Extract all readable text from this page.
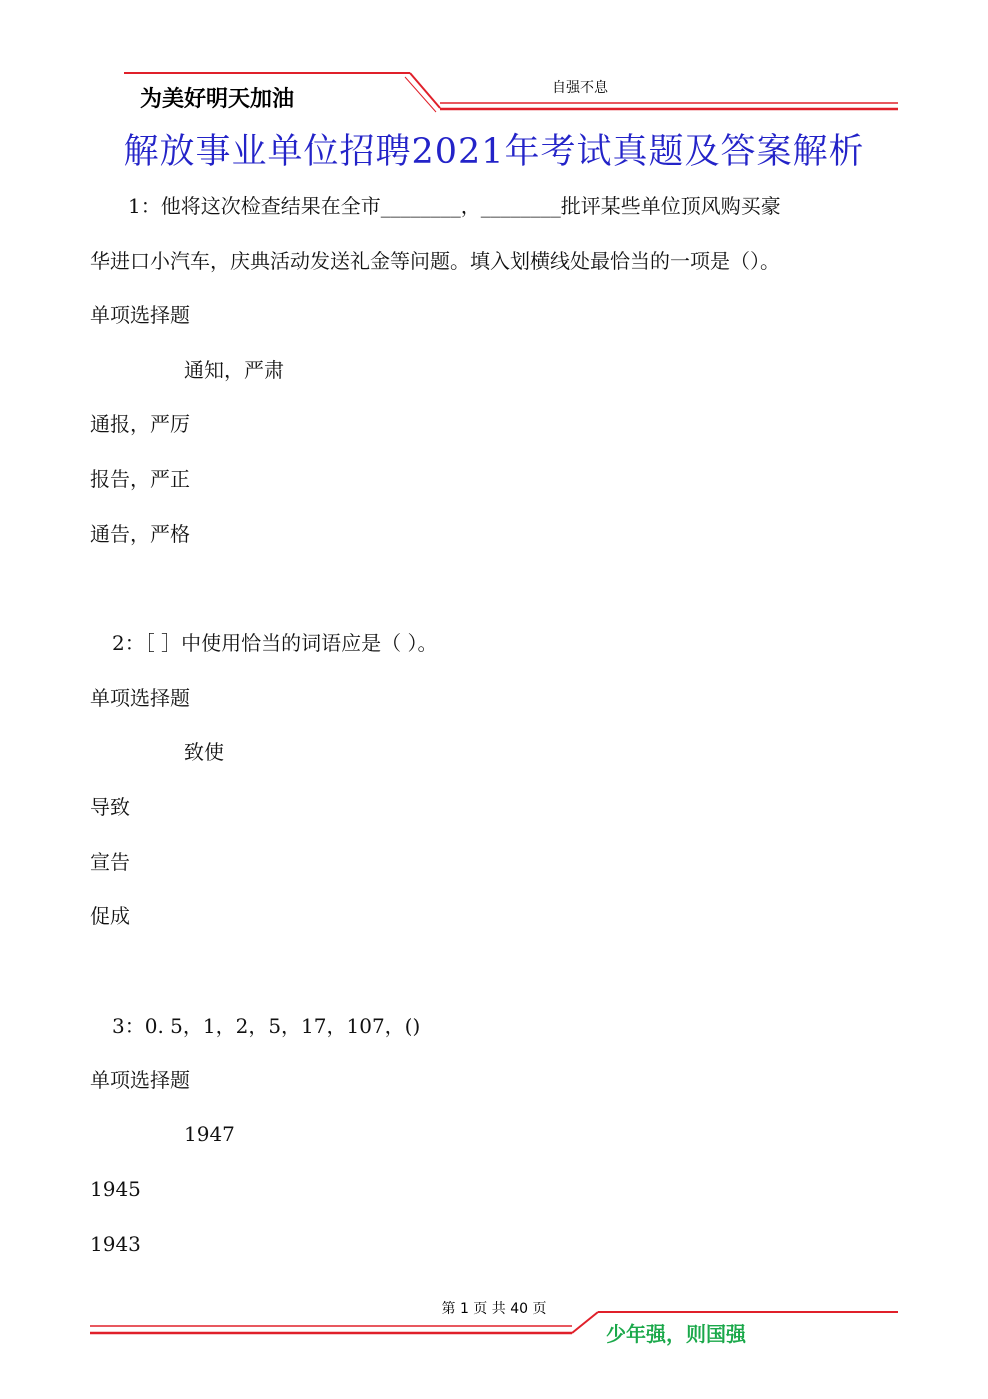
为美好明天加油	自强不息
解放事业单位招聘2021年考试真题及答案解析
1：他将这次检查结果在全市________，________批评某些单位顶风购买豪
华进口小汽车，庆典活动发送礼金等问题。填入划横线处最恰当的一项是（）。
单项选择题
通知，严肃
通报，严厉
报告，严正
通告，严格
2：［ ］中使用恰当的词语应是（ ）。
单项选择题
致使
导致
宣告
促成
3：0. 5，1，2，5，17，107，()
单项选择题
1947
1945
1943
第 1 页 共 40 页
少年强，则国强
